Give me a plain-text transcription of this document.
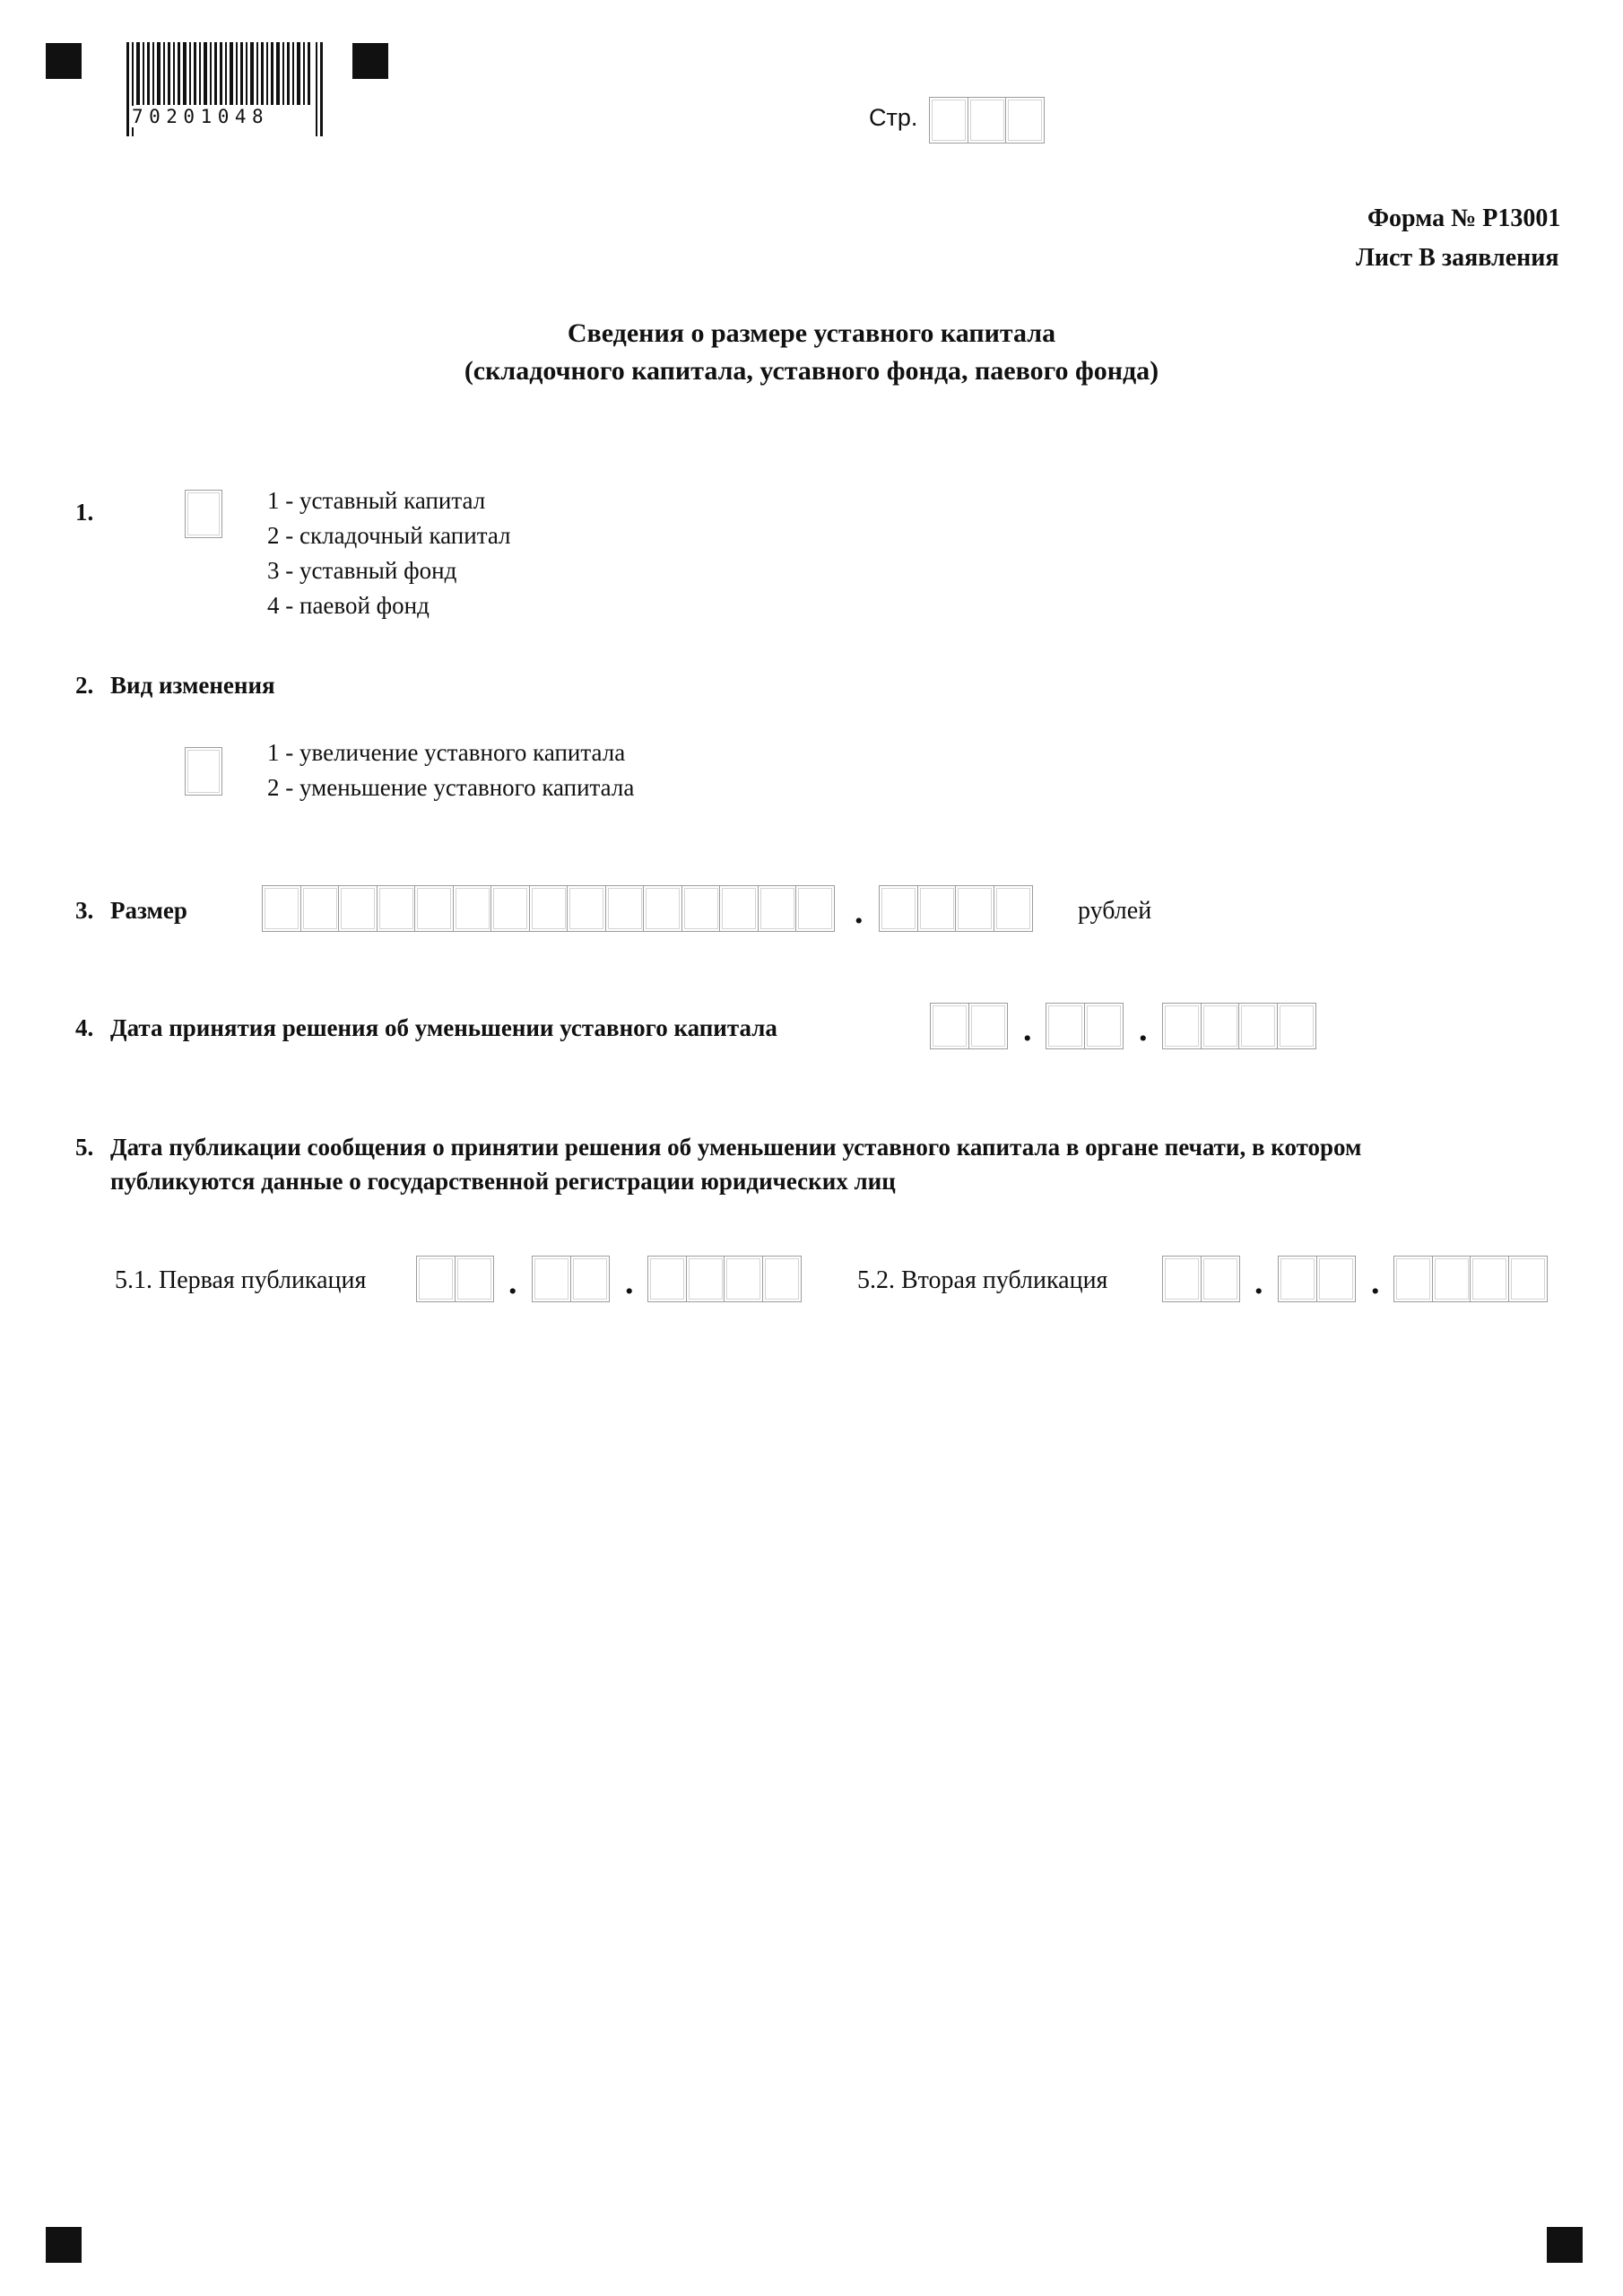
70201048	Стр.
Форма № Р13001
Лист В заявления
Сведения о размере уставного капитала
(складочного капитала, уставного фонда, паевого фонда)
1.	1 - уставный капитал
2 - складочный капитал
3 - уставный фонд
4 - паевой фонд
2. Вид изменения
1 - увеличение уставного капитала
2 - уменьшение уставного капитала
3. Размер	.	рублей
4. Дата принятия решения об уменьшении уставного капитала	.	.
5. Дата публикации сообщения о принятии решения об уменьшении уставного капитала в органе печати, в котором
публикуются данные о государственной регистрации юридических лиц
5.1. Первая публикация	.	.	5.2. Вторая публикация	.	.
